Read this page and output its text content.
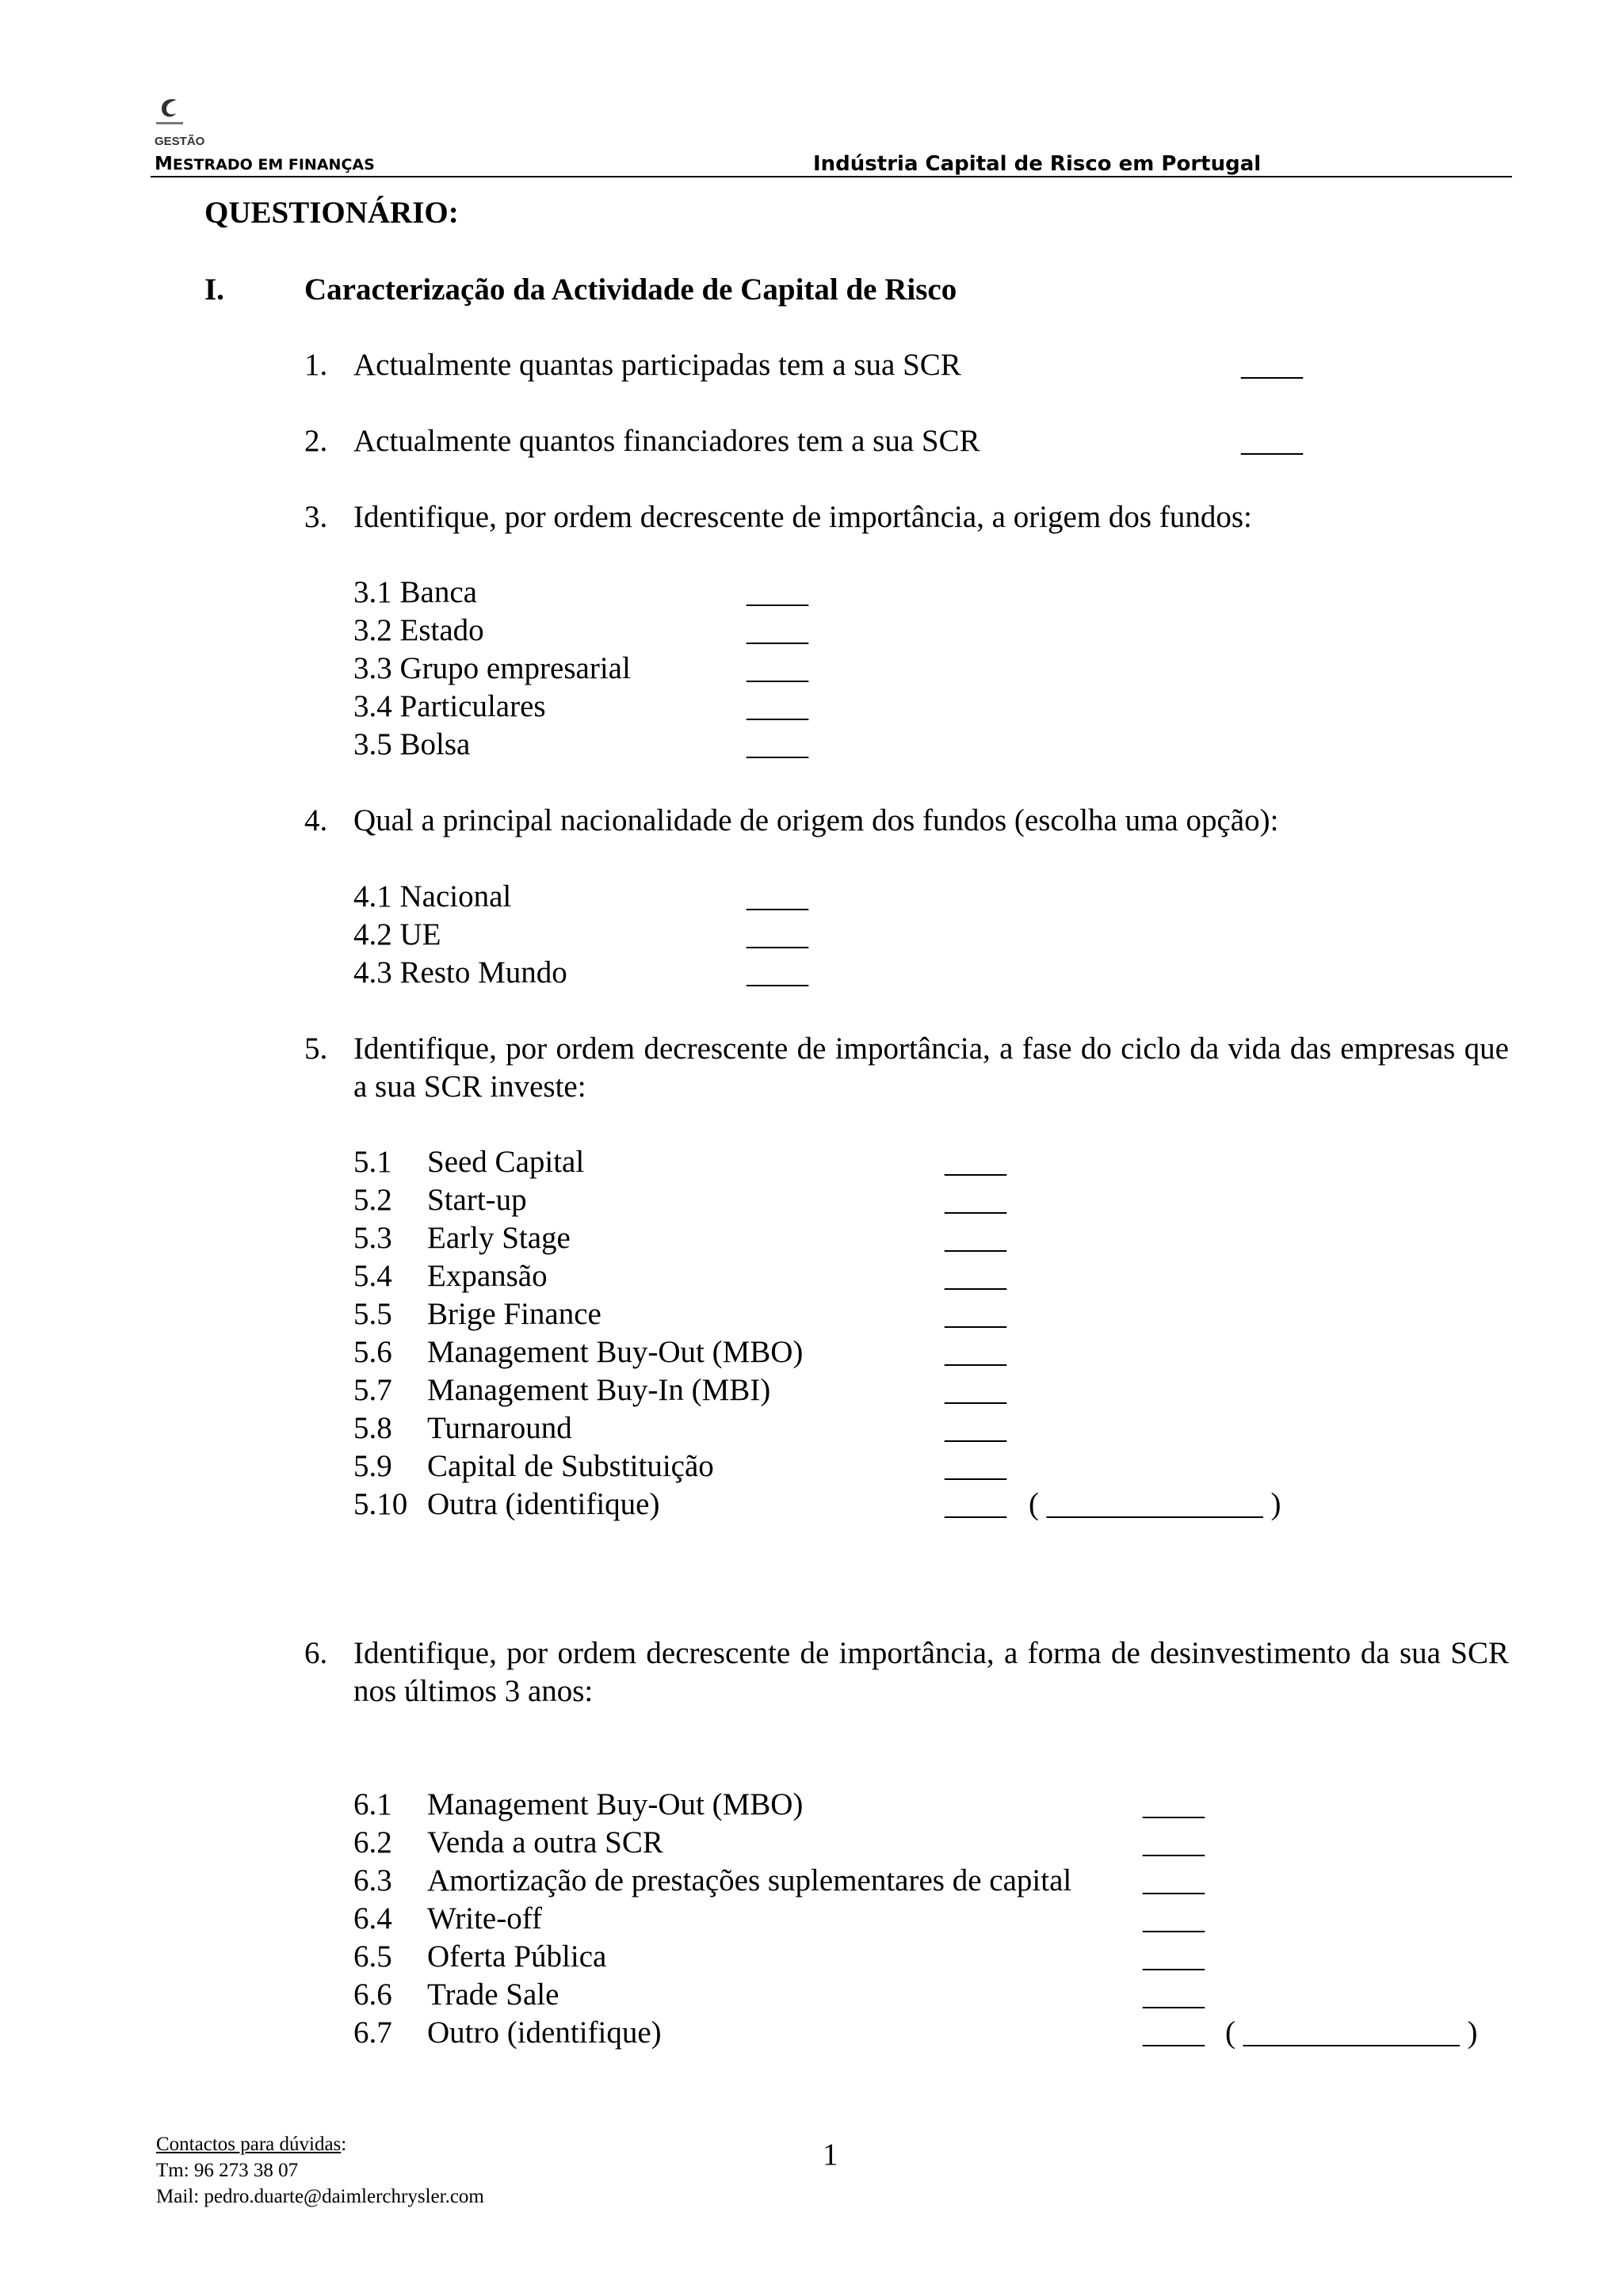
GESTÃO
MESTRADO EM FINANÇAS	Indústria Capital de Risco em Portugal
QUESTIONÁRIO:
I.	Caracterização da Actividade de Capital de Risco
1. Actualmente quantas participadas tem a sua SCR	____
2. Actualmente quantos financiadores tem a sua SCR	____
3. Identifique, por ordem decrescente de importância, a origem dos fundos:
3.1 Banca	____
3.2 Estado	____
3.3 Grupo empresarial	____
3.4 Particulares	____
3.5 Bolsa	____
4. Qual a principal nacionalidade de origem dos fundos (escolha uma opção):
4.1 Nacional	____
4.2 UE	____
4.3 Resto Mundo	____
5. Identifique, por ordem decrescente de importância, a fase do ciclo da vida das empresas que a sua SCR investe:
5.1 Seed Capital	____
5.2 Start-up	____
5.3 Early Stage	____
5.4 Expansão	____
5.5 Brige Finance	____
5.6 Management Buy-Out (MBO)	____
5.7 Management Buy-In (MBI)	____
5.8 Turnaround	____
5.9 Capital de Substituição	____
5.10 Outra (identifique)	____ ( ______________ )
6. Identifique, por ordem decrescente de importância, a forma de desinvestimento da sua SCR nos últimos 3 anos:
6.1 Management Buy-Out (MBO)	____
6.2 Venda a outra SCR	____
6.3 Amortização de prestações suplementares de capital ____
6.4 Write-off	____
6.5 Oferta Pública	____
6.6 Trade Sale	____
6.7 Outro (identifique)	____ ( ______________ )
Contactos para dúvidas:
Tm: 96 273 38 07
Mail: pedro.duarte@daimlerchrysler.com
1
